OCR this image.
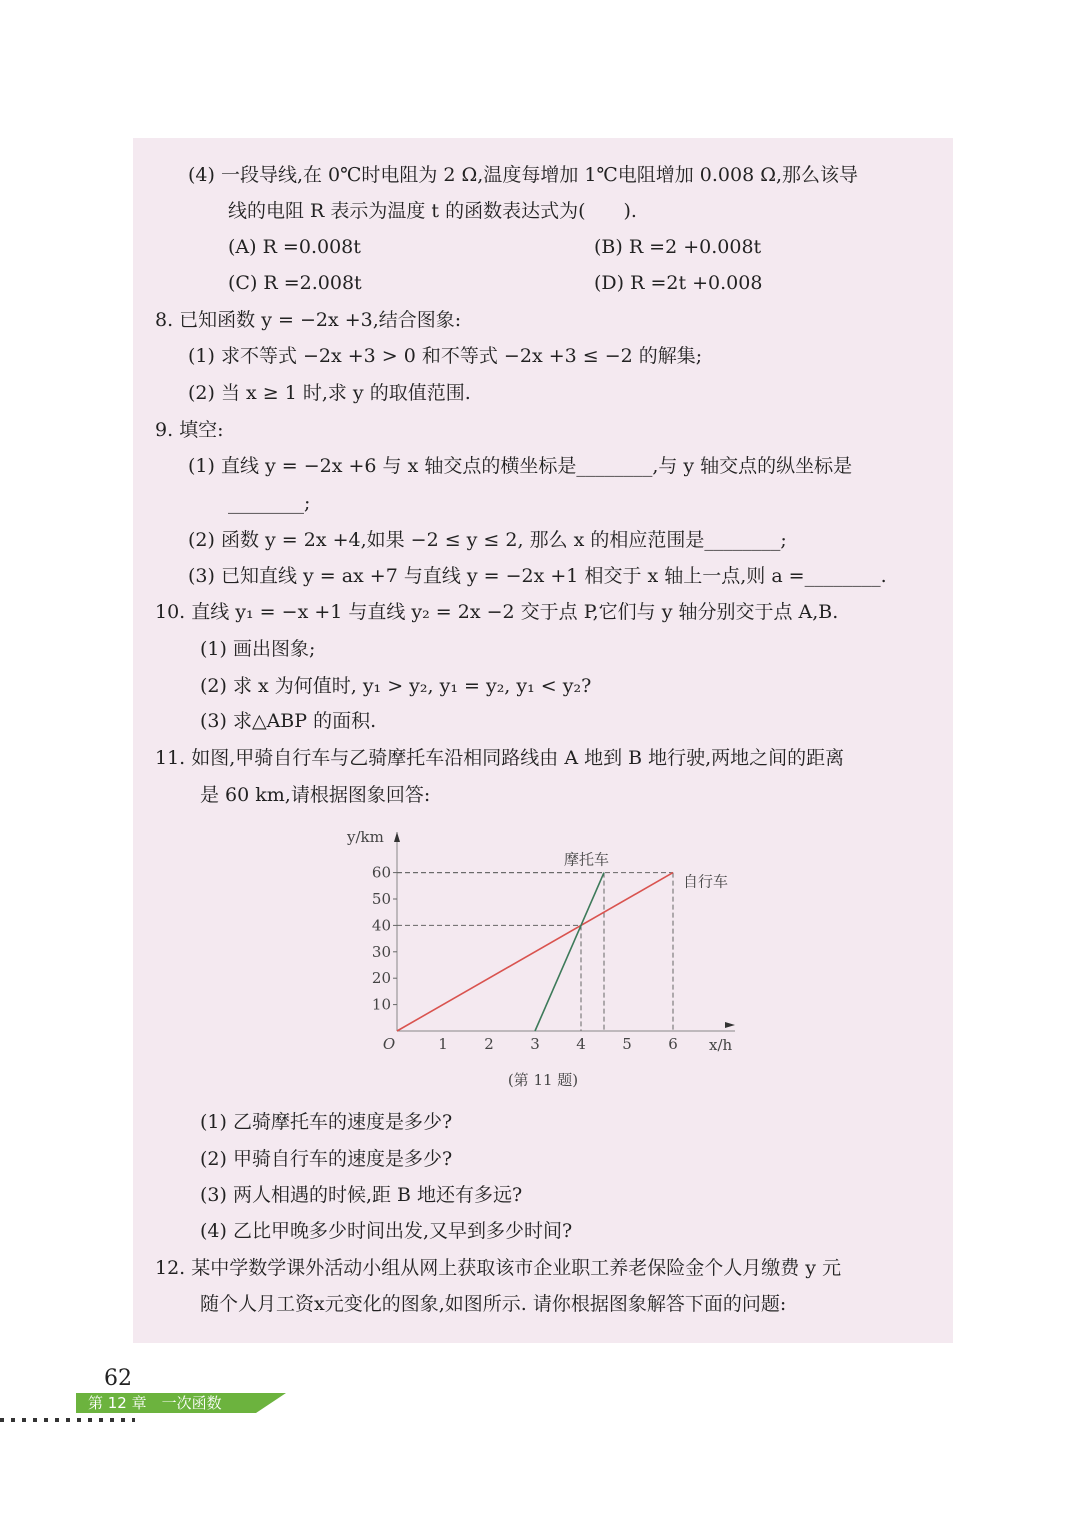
(4) 一段导线,在 0℃时电阻为 2 Ω,温度每增加 1℃电阻增加 0.008 Ω,那么该导
线的电阻 R 表示为温度 t 的函数表达式为(　　).
(A) R =0.008t	(B) R =2 +0.008t
(C) R =2.008t	(D) R =2t +0.008
8. 已知函数 y = −2x +3,结合图象:
(1) 求不等式 −2x +3 > 0 和不等式 −2x +3 ≤ −2 的解集;
(2) 当 x ≥ 1 时,求 y 的取值范围.
9. 填空:
(1) 直线 y = −2x +6 与 x 轴交点的横坐标是________,与 y 轴交点的纵坐标是
________;
(2) 函数 y = 2x +4,如果 −2 ≤ y ≤ 2, 那么 x 的相应范围是________;
(3) 已知直线 y = ax +7 与直线 y = −2x +1 相交于 x 轴上一点,则 a =________.
10. 直线 y₁ = −x +1 与直线 y₂ = 2x −2 交于点 P,它们与 y 轴分别交于点 A,B.
(1) 画出图象;
(2) 求 x 为何值时, y₁ > y₂, y₁ = y₂, y₁ < y₂?
(3) 求△ABP 的面积.
11. 如图,甲骑自行车与乙骑摩托车沿相同路线由 A 地到 B 地行驶,两地之间的距离
是 60 km,请根据图象回答:
10
20
30
40
50
60
1 2 3 4 5 6
O	x/h
y/km
自行车
摩托车
(第 11 题)
(1) 乙骑摩托车的速度是多少?
(2) 甲骑自行车的速度是多少?
(3) 两人相遇的时候,距 B 地还有多远?
(4) 乙比甲晚多少时间出发,又早到多少时间?
12. 某中学数学课外活动小组从网上获取该市企业职工养老保险金个人月缴费 y 元
随个人月工资x元变化的图象,如图所示. 请你根据图象解答下面的问题:
62
第 12 章　一次函数
